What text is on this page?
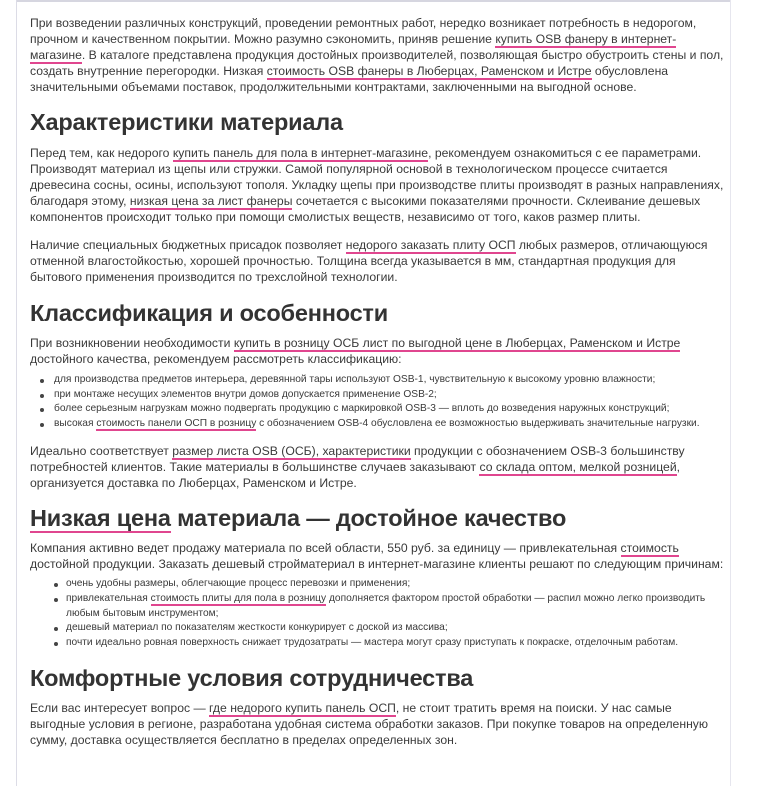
При возведении различных конструкций, проведении ремонтных работ, нередко возникает потребность в недорогом, прочном и качественном покрытии. Можно разумно сэкономить, приняв решение купить OSB фанеру в интернет-магазине. В каталоге представлена продукция достойных производителей, позволяющая быстро обустроить стены и пол, создать внутренние перегородки. Низкая стоимость OSB фанеры в Люберцах, Раменском и Истре обусловлена значительными объемами поставок, продолжительными контрактами, заключенными на выгодной основе.

Характеристики материала

Перед тем, как недорого купить панель для пола в интернет-магазине, рекомендуем ознакомиться с ее параметрами. Производят материал из щепы или стружки. Самой популярной основой в технологическом процессе считается древесина сосны, осины, используют тополя. Укладку щепы при производстве плиты производят в разных направлениях, благодаря этому, низкая цена за лист фанеры сочетается с высокими показателями прочности. Склеивание дешевых компонентов происходит только при помощи смолистых веществ, независимо от того, каков размер плиты.

Наличие специальных бюджетных присадок позволяет недорого заказать плиту ОСП любых размеров, отличающуюся отменной влагостойкостью, хорошей прочностью. Толщина всегда указывается в мм, стандартная продукция для бытового применения производится по трехслойной технологии.

Классификация и особенности

При возникновении необходимости купить в розницу ОСБ лист по выгодной цене в Люберцах, Раменском и Истре достойного качества, рекомендуем рассмотреть классификацию:

для производства предметов интерьера, деревянной тары используют OSB-1, чувствительную к высокому уровню влажности;
при монтаже несущих элементов внутри домов допускается применение OSB-2;
более серьезным нагрузкам можно подвергать продукцию с маркировкой OSB-3 — вплоть до возведения наружных конструкций;
высокая стоимость панели ОСП в розницу с обозначением OSB-4 обусловлена ее возможностью выдерживать значительные нагрузки.

Идеально соответствует размер листа OSB (ОСБ), характеристики продукции с обозначением OSB-3 большинству потребностей клиентов. Такие материалы в большинстве случаев заказывают со склада оптом, мелкой розницей, организуется доставка по Люберцах, Раменском и Истре.

Низкая цена материала — достойное качество

Компания активно ведет продажу материала по всей области, 550 руб. за единицу — привлекательная стоимость достойной продукции. Заказать дешевый стройматериал в интернет-магазине клиенты решают по следующим причинам:

очень удобны размеры, облегчающие процесс перевозки и применения;
привлекательная стоимость плиты для пола в розницу дополняется фактором простой обработки — распил можно легко производить любым бытовым инструментом;
дешевый материал по показателям жесткости конкурирует с доской из массива;
почти идеально ровная поверхность снижает трудозатраты — мастера могут сразу приступать к покраске, отделочным работам.
Комфортные условия сотрудничества

Если вас интересует вопрос — где недорого купить панель ОСП, не стоит тратить время на поиски. У нас самые выгодные условия в регионе, разработана удобная система обработки заказов. При покупке товаров на определенную сумму, доставка осуществляется бесплатно в пределах определенных зон.
